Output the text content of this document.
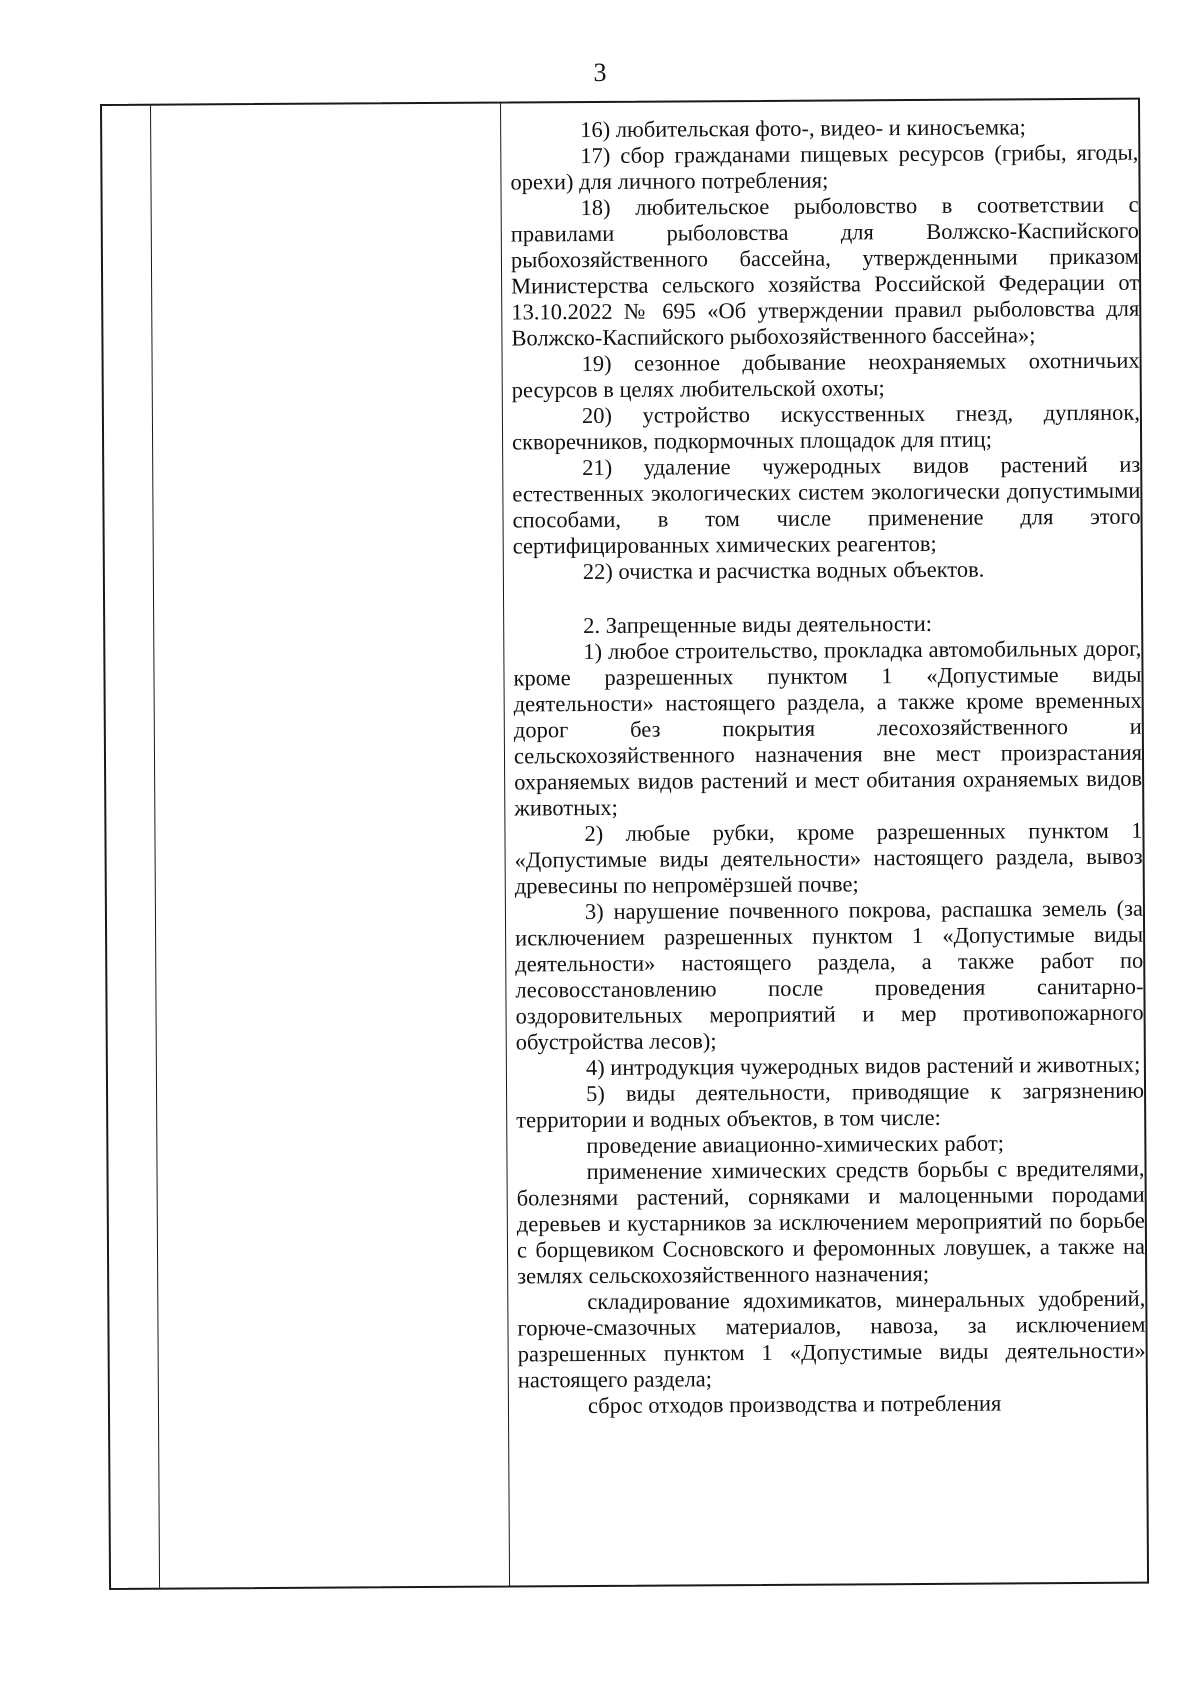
3

16) любительская фото-, видео- и киносъемка;

17) сбор гражданами пищевых ресурсов (грибы, ягоды, орехи) для личного потребления;

18) любительское рыболовство в соответствии с правилами рыболовства для Волжско-Каспийского рыбохозяйственного бассейна, утвержденными приказом Министерства сельского хозяйства Российской Федерации от 13.10.2022 № 695 «Об утверждении правил рыболовства для Волжско-Каспийского рыбохозяйственного бассейна»;

19) сезонное добывание неохраняемых охотничьих ресурсов в целях любительской охоты;

20) устройство искусственных гнезд, дуплянок, скворечников, подкормочных площадок для птиц;

21) удаление чужеродных видов растений из естественных экологических систем экологически допустимыми способами, в том числе применение для этого сертифицированных химических реагентов;

22) очистка и расчистка водных объектов.

2. Запрещенные виды деятельности:

1) любое строительство, прокладка автомобильных дорог, кроме разрешенных пунктом 1 «Допустимые виды деятельности» настоящего раздела, а также кроме временных дорог без покрытия лесохозяйственного и сельскохозяйственного назначения вне мест произрастания охраняемых видов растений и мест обитания охраняемых видов животных;

2) любые рубки, кроме разрешенных пунктом 1 «Допустимые виды деятельности» настоящего раздела, вывоз древесины по непромёрзшей почве;

3) нарушение почвенного покрова, распашка земель (за исключением разрешенных пунктом 1 «Допустимые виды деятельности» настоящего раздела, а также работ по лесовосстановлению после проведения санитарно-оздоровительных мероприятий и мер противопожарного обустройства лесов);

4) интродукция чужеродных видов растений и животных;

5) виды деятельности, приводящие к загрязнению территории и водных объектов, в том числе:

проведение авиационно-химических работ;

применение химических средств борьбы с вредителями, болезнями растений, сорняками и малоценными породами деревьев и кустарников за исключением мероприятий по борьбе с борщевиком Сосновского и феромонных ловушек, а также на землях сельскохозяйственного назначения;

складирование ядохимикатов, минеральных удобрений, горюче-смазочных материалов, навоза, за исключением разрешенных пунктом 1 «Допустимые виды деятельности» настоящего раздела;

сброс отходов производства и потребления
